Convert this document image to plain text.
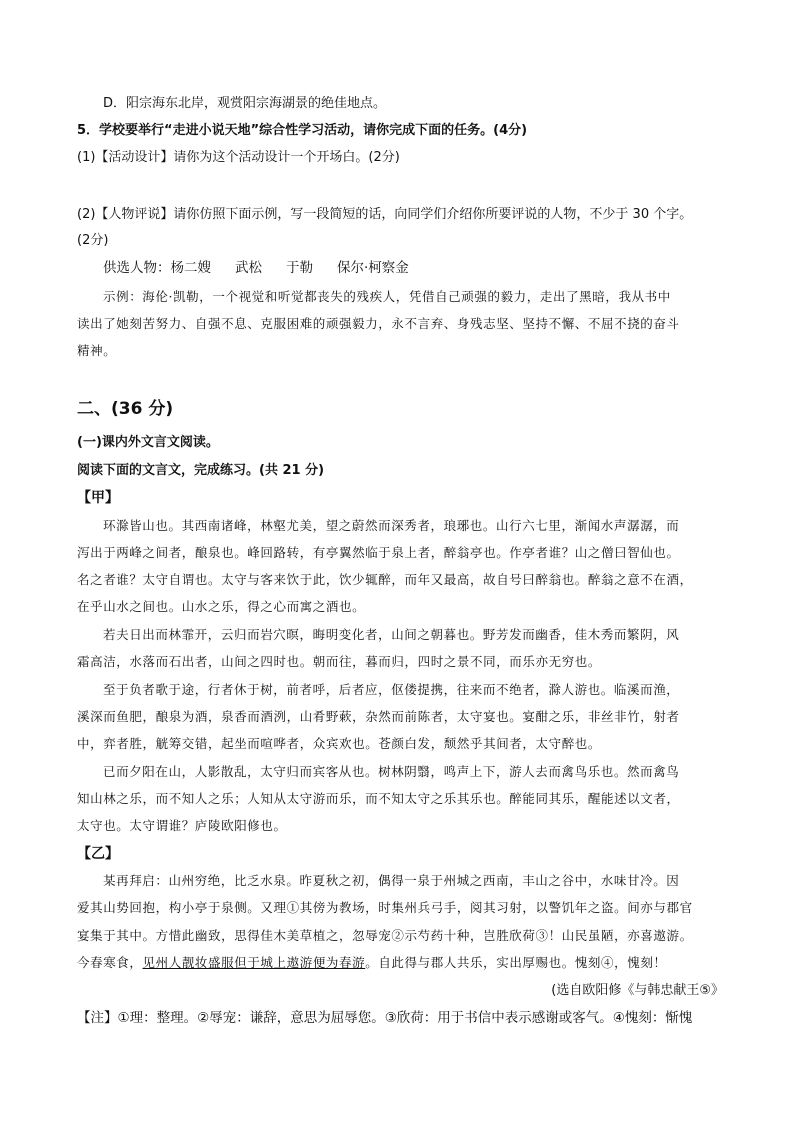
D．阳宗海东北岸，观赏阳宗海湖景的绝佳地点。
5．学校要举行“走进小说天地”综合性学习活动，请你完成下面的任务。(4分)
(1)【活动设计】请你为这个活动设计一个开场白。(2分)
(2)【人物评说】请你仿照下面示例，写一段简短的话，向同学们介绍你所要评说的人物，不少于 30 个字。
(2分)
供选人物：杨二嫂 武松 于勒 保尔·柯察金
示例：海伦·凯勒，一个视觉和听觉都丧失的残疾人，凭借自己顽强的毅力，走出了黑暗，我从书中
读出了她刻苦努力、自强不息、克服困难的顽强毅力，永不言弃、身残志坚、坚持不懈、不屈不挠的奋斗
精神。
二、(36 分)
(一)课内外文言文阅读。
阅读下面的文言文，完成练习。(共 21 分)
【甲】
环滁皆山也。其西南诸峰，林壑尤美，望之蔚然而深秀者，琅琊也。山行六七里，渐闻水声潺潺，而
泻出于两峰之间者，酿泉也。峰回路转，有亭翼然临于泉上者，醉翁亭也。作亭者谁？山之僧曰智仙也。
名之者谁？太守自谓也。太守与客来饮于此，饮少辄醉，而年又最高，故自号曰醉翁也。醉翁之意不在酒，
在乎山水之间也。山水之乐，得之心而寓之酒也。
若夫日出而林霏开，云归而岩穴暝，晦明变化者，山间之朝暮也。野芳发而幽香，佳木秀而繁阴，风
霜高洁，水落而石出者，山间之四时也。朝而往，暮而归，四时之景不同，而乐亦无穷也。
至于负者歌于途，行者休于树，前者呼，后者应，伛偻提携，往来而不绝者，滁人游也。临溪而渔，
溪深而鱼肥，酿泉为酒，泉香而酒洌，山肴野蔌，杂然而前陈者，太守宴也。宴酣之乐，非丝非竹，射者
中，弈者胜，觥筹交错，起坐而喧哗者，众宾欢也。苍颜白发，颓然乎其间者，太守醉也。
已而夕阳在山，人影散乱，太守归而宾客从也。树林阴翳，鸣声上下，游人去而禽鸟乐也。然而禽鸟
知山林之乐，而不知人之乐；人知从太守游而乐，而不知太守之乐其乐也。醉能同其乐，醒能述以文者，
太守也。太守谓谁？庐陵欧阳修也。
【乙】
某再拜启：山州穷绝，比乏水泉。昨夏秋之初，偶得一泉于州城之西南，丰山之谷中，水味甘冷。因
爱其山势回抱，构小亭于泉侧。又理①其傍为教场，时集州兵弓手，阅其习射，以警饥年之盗。间亦与郡官
宴集于其中。方惜此幽致，思得佳木美草植之，忽辱宠②示芍药十种，岂胜欣荷③！山民虽陋，亦喜遨游。
今春寒食，见州人靓妆盛服但于城上遨游便为春游。自此得与郡人共乐，实出厚赐也。愧刻④，愧刻！
(选自欧阳修《与韩忠献王⑤》
【注】①理：整理。②辱宠：谦辞，意思为屈辱您。③欣荷：用于书信中表示感谢或客气。④愧刻：惭愧
